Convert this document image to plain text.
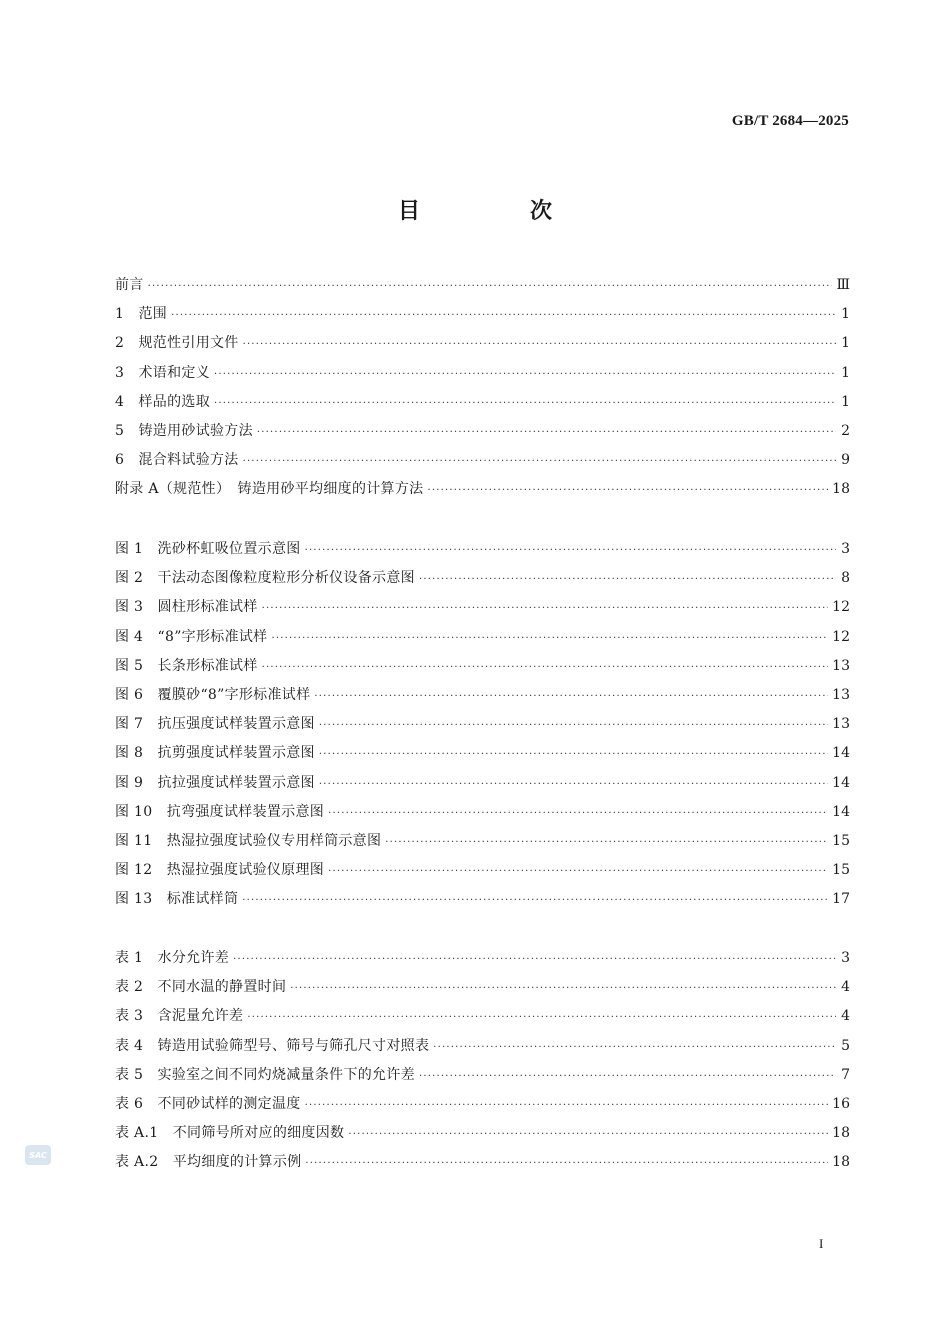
GB/T 2684—2025
目　次
前言 ·····	Ⅲ
1　范围 ·····	1
2　规范性引用文件 ·····	1
3　术语和定义 ·····	1
4　样品的选取 ·····	1
5　铸造用砂试验方法 ·····	2
6　混合料试验方法 ·····	9
附录 A（规范性）　铸造用砂平均细度的计算方法 ·····	18
图 1　洗砂杯虹吸位置示意图 ·····	3
图 2　干法动态图像粒度粒形分析仪设备示意图 ·····	8
图 3　圆柱形标准试样 ·····	12
图 4　“8”字形标准试样 ·····	12
图 5　长条形标准试样 ·····	13
图 6　覆膜砂“8”字形标准试样 ·····	13
图 7　抗压强度试样装置示意图 ·····	13
图 8　抗剪强度试样装置示意图 ·····	14
图 9　抗拉强度试样装置示意图 ·····	14
图 10　抗弯强度试样装置示意图 ·····	14
图 11　热湿拉强度试验仪专用样筒示意图 ·····	15
图 12　热湿拉强度试验仪原理图 ·····	15
图 13　标准试样筒 ·····	17
表 1　水分允许差 ·····	3
表 2　不同水温的静置时间 ·····	4
表 3　含泥量允许差 ·····	4
表 4　铸造用试验筛型号、筛号与筛孔尺寸对照表 ·····	5
表 5　实验室之间不同灼烧减量条件下的允许差 ·····	7
表 6　不同砂试样的测定温度 ·····	16
表 A.1　不同筛号所对应的细度因数 ·····	18
表 A.2　平均细度的计算示例 ·····	18
SAC
I
